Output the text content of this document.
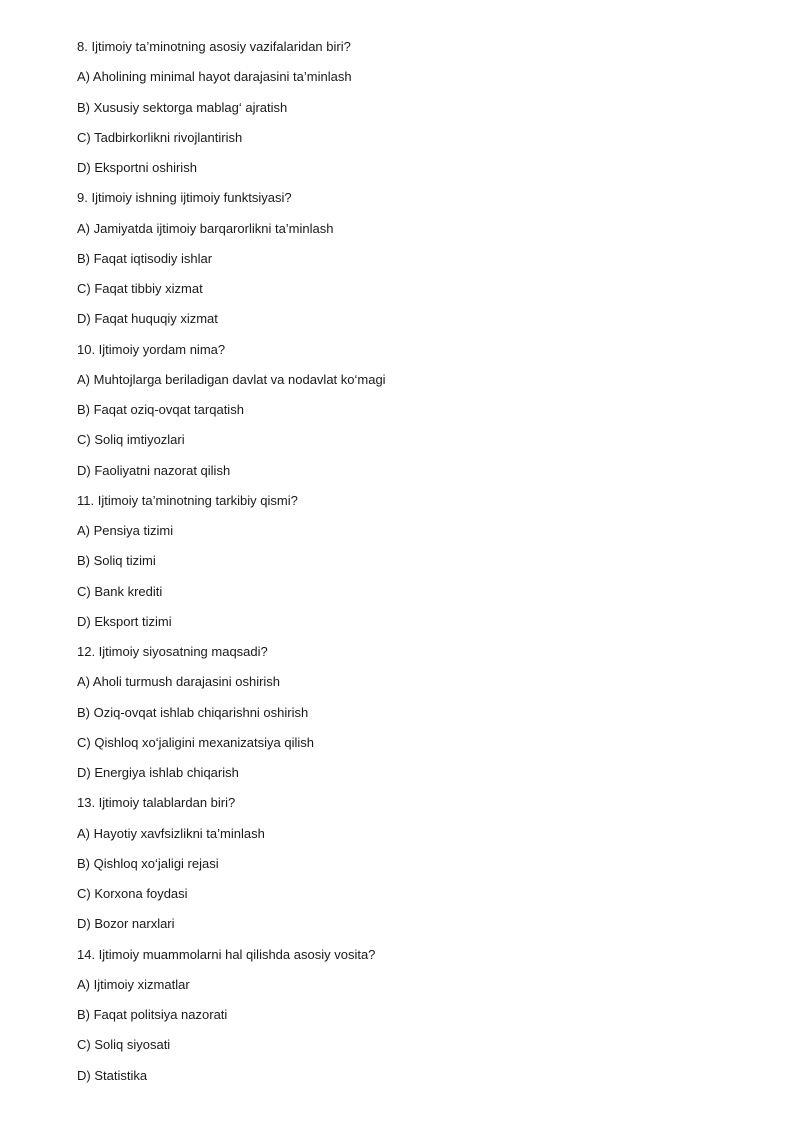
8. Ijtimoiy ta’minotning asosiy vazifalaridan biri?
A) Aholining minimal hayot darajasini ta’minlash
B) Xususiy sektorga mablag‘ ajratish
C) Tadbirkorlikni rivojlantirish
D) Eksportni oshirish
9. Ijtimoiy ishning ijtimoiy funktsiyasi?
A) Jamiyatda ijtimoiy barqarorlikni ta’minlash
B) Faqat iqtisodiy ishlar
C) Faqat tibbiy xizmat
D) Faqat huquqiy xizmat
10. Ijtimoiy yordam nima?
A) Muhtojlarga beriladigan davlat va nodavlat ko‘magi
B) Faqat oziq-ovqat tarqatish
C) Soliq imtiyozlari
D) Faoliyatni nazorat qilish
11. Ijtimoiy ta’minotning tarkibiy qismi?
A) Pensiya tizimi
B) Soliq tizimi
C) Bank krediti
D) Eksport tizimi
12. Ijtimoiy siyosatning maqsadi?
A) Aholi turmush darajasini oshirish
B) Oziq-ovqat ishlab chiqarishni oshirish
C) Qishloq xo‘jaligini mexanizatsiya qilish
D) Energiya ishlab chiqarish
13. Ijtimoiy talablardan biri?
A) Hayotiy xavfsizlikni ta’minlash
B) Qishloq xo‘jaligi rejasi
C) Korxona foydasi
D) Bozor narxlari
14. Ijtimoiy muammolarni hal qilishda asosiy vosita?
A) Ijtimoiy xizmatlar
B) Faqat politsiya nazorati
C) Soliq siyosati
D) Statistika
